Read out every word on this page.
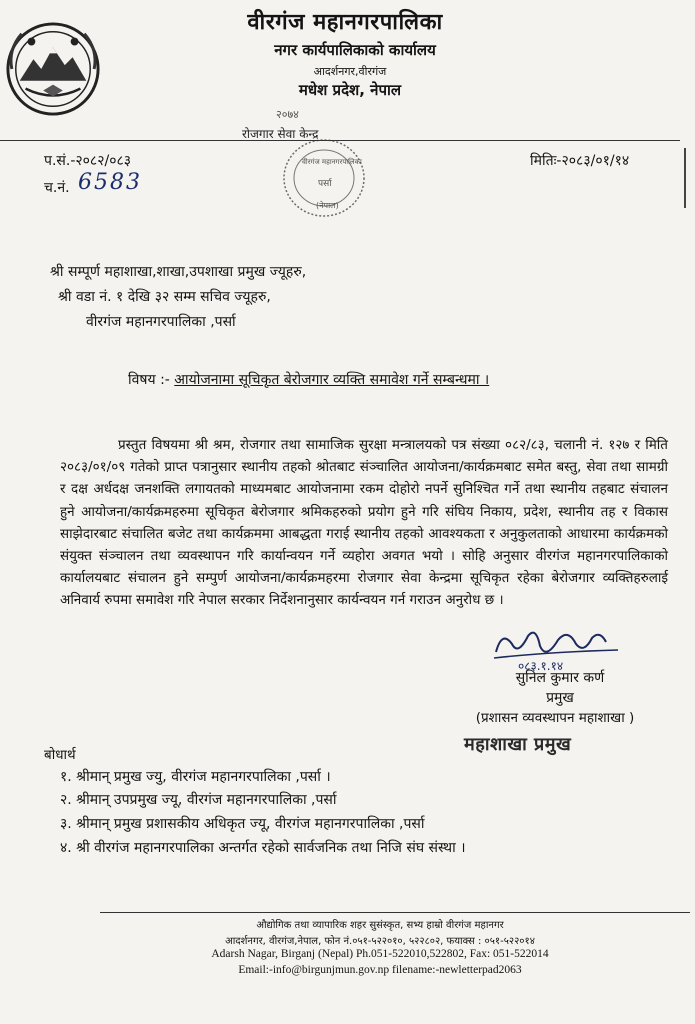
वीरगंज महानगरपालिका
नगर कार्यपालिकाको कार्यालय
आदर्शनगर,वीरगंज
मधेश प्रदेश, नेपाल
२०७४
रोजगार सेवा केन्द्र
वीरगंज महानगरपालिका
पर्सा
(नेपाल)
प.सं.-२०८२/०८३
च.नं. 6583
मितिः-२०८३/०१/१४
श्री सम्पूर्ण महाशाखा,शाखा,उपशाखा प्रमुख ज्यूहरु,
श्री वडा नं. १ देखि ३२ सम्म सचिव ज्यूहरु,
वीरगंज महानगरपालिका ,पर्सा
विषय :- आयोजनामा सूचिकृत बेरोजगार व्यक्ति समावेश गर्ने सम्बन्धमा ।
प्रस्तुत विषयमा श्री श्रम, रोजगार तथा सामाजिक सुरक्षा मन्त्रालयको पत्र संख्या ०८२/८३, चलानी नं. १२७ र मिति २०८३/०१/०९ गतेको प्राप्त पत्रानुसार स्थानीय तहको श्रोतबाट संञ्चालित आयोजना/कार्यक्रमबाट समेत बस्तु, सेवा तथा सामग्री र दक्ष अर्धदक्ष जनशक्ति लगायतको माध्यमबाट आयोजनामा रकम दोहोरो नपर्ने सुनिश्चित गर्ने तथा स्थानीय तहबाट संचालन हुने आयोजना/कार्यक्रमहरुमा सूचिकृत बेरोजगार श्रमिकहरुको प्रयोग हुने गरि संघिय निकाय, प्रदेश, स्थानीय तह र विकास साझेदारबाट संचालित बजेट तथा कार्यक्रममा आबद्धता गराई स्थानीय तहको आवश्यकता र अनुकुलताको आधारमा कार्यक्रमको संयुक्त संञ्चालन तथा व्यवस्थापन गरि कार्यान्वयन गर्ने व्यहोरा अवगत भयो । सोहि अनुसार वीरगंज महानगरपालिकाको कार्यालयबाट संचालन हुने सम्पुर्ण आयोजना/कार्यक्रमहरमा रोजगार सेवा केन्द्रमा सूचिकृत रहेका बेरोजगार व्यक्तिहरुलाई अनिवार्य रुपमा समावेश गरि नेपाल सरकार निर्देशनानुसार कार्यन्वयन गर्न गराउन अनुरोध छ ।
०८३.१.१४
सुनिल कुमार कर्ण
प्रमुख
(प्रशासन व्यवस्थापन महाशाखा )
महाशाखा प्रमुख
बोधार्थ
१. श्रीमान् प्रमुख ज्यु, वीरगंज महानगरपालिका ,पर्सा ।
२. श्रीमान् उपप्रमुख ज्यू, वीरगंज महानगरपालिका ,पर्सा
३. श्रीमान् प्रमुख प्रशासकीय अधिकृत ज्यू, वीरगंज महानगरपालिका ,पर्सा
४. श्री वीरगंज महानगरपालिका अन्तर्गत रहेको सार्वजनिक तथा निजि संघ संस्था ।
औद्योगिक तथा व्यापारिक शहर सुसंस्कृत, सभ्य हाम्रो वीरगंज महानगर
आदर्शनगर, वीरगंज,नेपाल, फोन नं.०५१-५२२०१०, ५२२८०२, फयाक्स : ०५१-५२२०१४
Adarsh Nagar, Birganj (Nepal) Ph.051-522010,522802, Fax: 051-522014
Email:-info@birgunjmun.gov.np filename:-newletterpad2063
